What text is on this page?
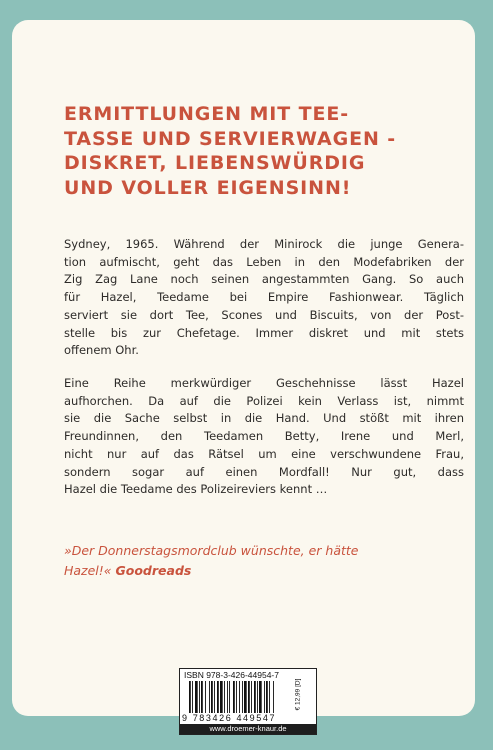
ERMITTLUNGEN MIT TEE-
TASSE UND SERVIERWAGEN -
DISKRET, LIEBENSWÜRDIG
UND VOLLER EIGENSINN!

Sydney, 1965. Während der Minirock die junge Genera-
tion aufmischt, geht das Leben in den Modefabriken der
Zig Zag Lane noch seinen angestammten Gang. So auch
für Hazel, Teedame bei Empire Fashionwear. Täglich
serviert sie dort Tee, Scones und Biscuits, von der Post-
stelle bis zur Chefetage. Immer diskret und mit stets
offenem Ohr.

Eine Reihe merkwürdiger Geschehnisse lässt Hazel
aufhorchen. Da auf die Polizei kein Verlass ist, nimmt
sie die Sache selbst in die Hand. Und stößt mit ihren
Freundinnen, den Teedamen Betty, Irene und Merl,
nicht nur auf das Rätsel um eine verschwundene Frau,
sondern sogar auf einen Mordfall! Nur gut, dass
Hazel die Teedame des Polizeireviers kennt …

»Der Donnerstagsmordclub wünschte, er hätte
Hazel!« Goodreads

ISBN 978-3-426-44954-7
9 783426 449547
€ 12,99 [D]
www.droemer-knaur.de
